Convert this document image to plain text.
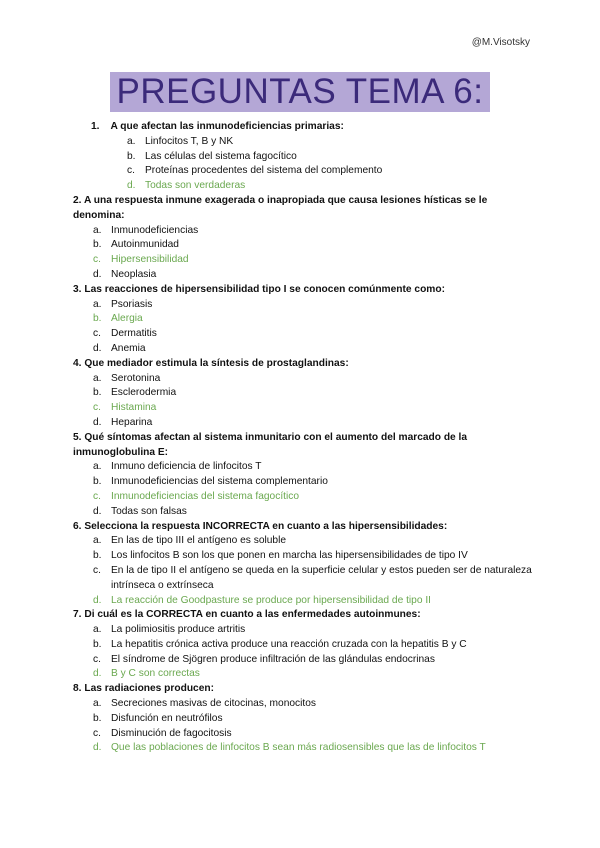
@M.Visotsky
PREGUNTAS TEMA 6:
1. A que afectan las inmunodeficiencias primarias:
a. Linfocitos T, B y NK
b. Las células del sistema fagocítico
c. Proteínas procedentes del sistema del complemento
d. Todas son verdaderas
2. A una respuesta inmune exagerada o inapropiada que causa lesiones hísticas se le denomina:
a. Inmunodeficiencias
b. Autoinmunidad
c. Hipersensibilidad
d. Neoplasia
3. Las reacciones de hipersensibilidad tipo I se conocen comúnmente como:
a. Psoriasis
b. Alergia
c. Dermatitis
d. Anemia
4. Que mediador estimula la síntesis de prostaglandinas:
a. Serotonina
b. Esclerodermia
c. Histamina
d. Heparina
5. Qué síntomas afectan al sistema inmunitario con el aumento del marcado de la inmunoglobulina E:
a. Inmuno deficiencia de linfocitos T
b. Inmunodeficiencias del sistema complementario
c. Inmunodeficiencias del sistema fagocítico
d. Todas son falsas
6. Selecciona la respuesta INCORRECTA en cuanto a las hipersensibilidades:
a. En las de tipo III el antígeno es soluble
b. Los linfocitos B son los que ponen en marcha las hipersensibilidades de tipo IV
c. En la de tipo II el antígeno se queda en la superficie celular y estos pueden ser de naturaleza intrínseca o extrínseca
d. La reacción de Goodpasture se produce por hipersensibilidad de tipo II
7. Di cuál es la CORRECTA en cuanto a las enfermedades autoinmunes:
a. La polimiositis produce artritis
b. La hepatitis crónica activa produce una reacción cruzada con la hepatitis B y C
c. El síndrome de Sjögren produce infiltración de las glándulas endocrinas
d. B y C son correctas
8. Las radiaciones producen:
a. Secreciones masivas de citocinas, monocitos
b. Disfunción en neutrófilos
c. Disminución de fagocitosis
d. Que las poblaciones de linfocitos B sean más radiosensibles que las de linfocitos T
